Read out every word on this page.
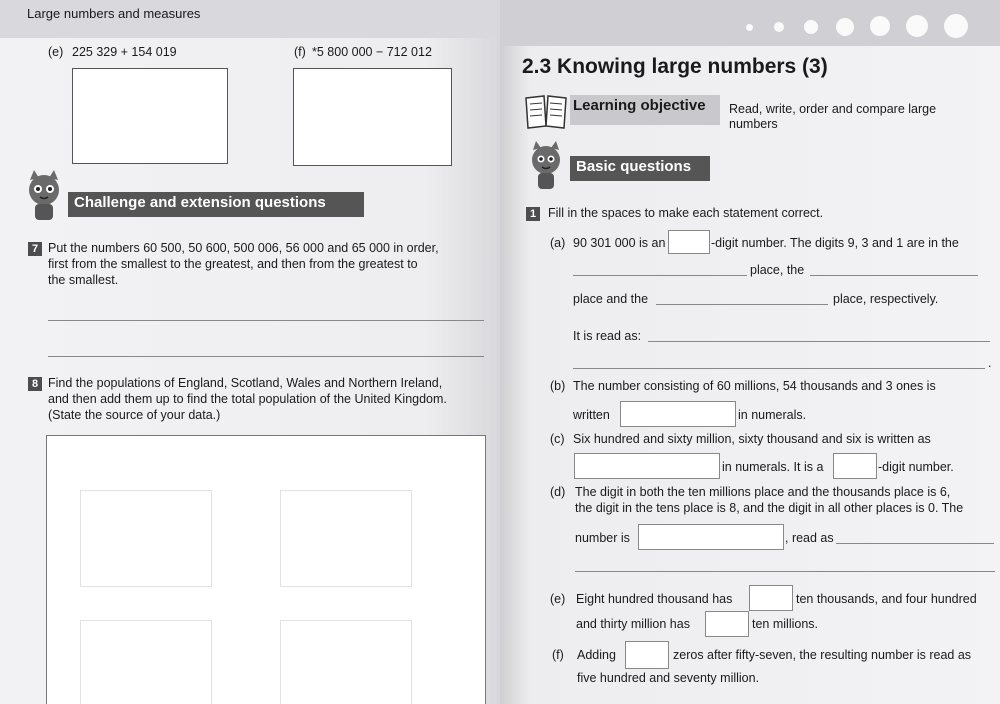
Large numbers and measures
(e) 225 329 + 154 019	(f) *5 800 000 − 712 012
Challenge and extension questions
7 Put the numbers 60 500, 50 600, 500 006, 56 000 and 65 000 in order,
first from the smallest to the greatest, and then from the greatest to
the smallest.
8 Find the populations of England, Scotland, Wales and Northern Ireland,
and then add them up to find the total population of the United Kingdom.
(State the source of your data.)
2.3 Knowing large numbers (3)
Learning objective Read, write, order and compare large
numbers
Basic questions
1 Fill in the spaces to make each statement correct.
(a) 90 301 000 is an	-digit number. The digits 9, 3 and 1 are in the
place, the
place and the	place, respectively.
It is read as:
.
(b) The number consisting of 60 millions, 54 thousands and 3 ones is
written	in numerals.
(c) Six hundred and sixty million, sixty thousand and six is written as
in numerals. It is a	-digit number.
(d) The digit in both the ten millions place and the thousands place is 6,
the digit in the tens place is 8, and the digit in all other places is 0. The
number is	, read as
(e) Eight hundred thousand has	ten thousands, and four hundred
and thirty million has	ten millions.
(f) Adding	zeros after fifty-seven, the resulting number is read as
five hundred and seventy million.
